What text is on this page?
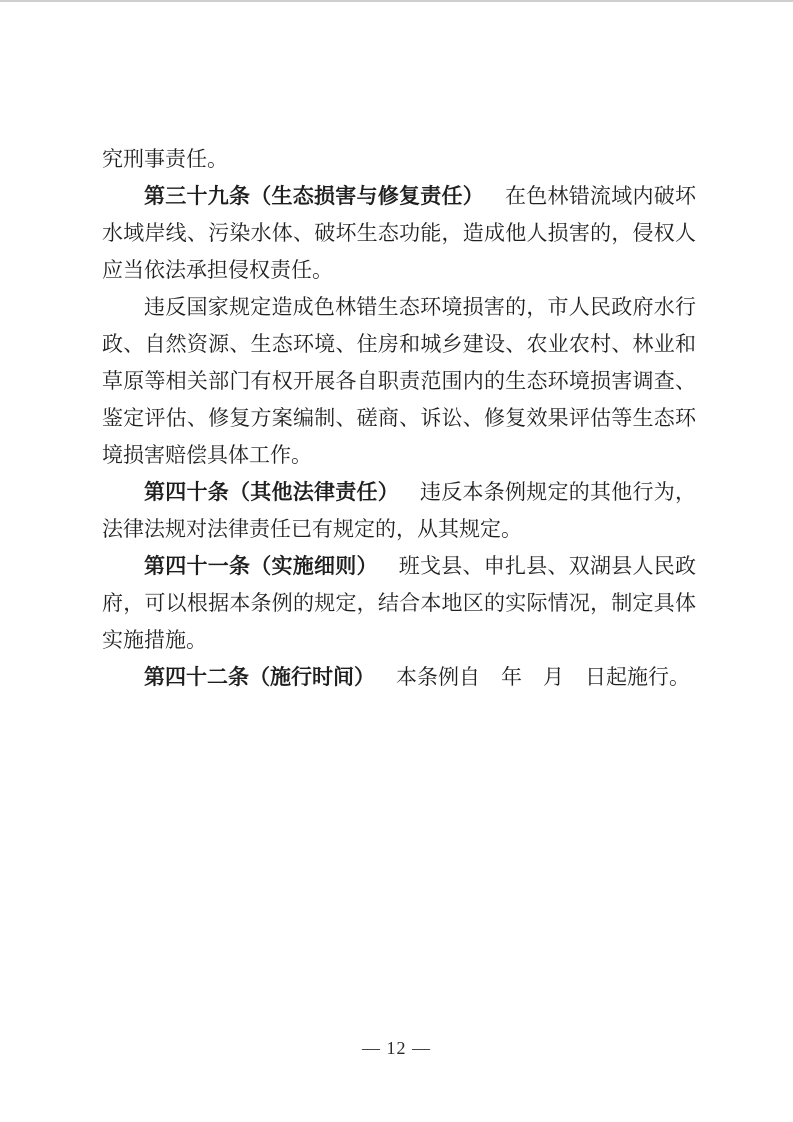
究刑事责任。

第三十九条（生态损害与修复责任） 在色林错流域内破坏水域岸线、污染水体、破坏生态功能，造成他人损害的，侵权人应当依法承担侵权责任。

违反国家规定造成色林错生态环境损害的，市人民政府水行政、自然资源、生态环境、住房和城乡建设、农业农村、林业和草原等相关部门有权开展各自职责范围内的生态环境损害调查、鉴定评估、修复方案编制、磋商、诉讼、修复效果评估等生态环境损害赔偿具体工作。

第四十条（其他法律责任） 违反本条例规定的其他行为，法律法规对法律责任已有规定的，从其规定。

第四十一条（实施细则） 班戈县、申扎县、双湖县人民政府，可以根据本条例的规定，结合本地区的实际情况，制定具体实施措施。

第四十二条（施行时间） 本条例自　年　月　日起施行。

— 12 —
